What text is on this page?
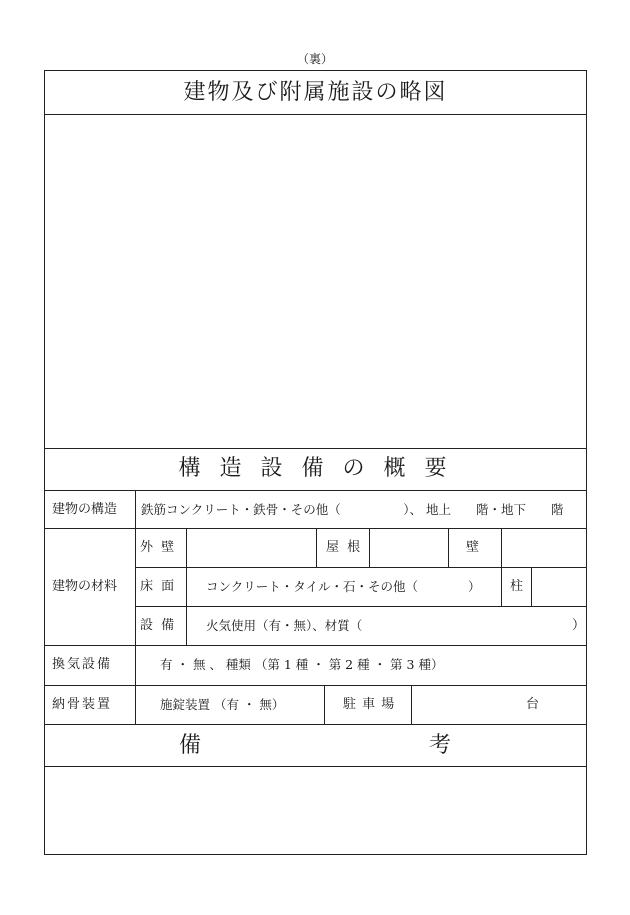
（裏）
建物及び附属施設の略図
構 造 設 備 の 概 要
建物の構造 鉄筋コンクリート・鉄骨・その他（　　　　　）、 地上　　階・地下　　階
建物の材料
外 壁	屋 根	壁
床 面 コンクリート・タイル・石・その他（　　　　） 柱
設 備 火気使用（有・無）、材質（	）
換気設備	有 ・ 無 、 種類 （第 1 種 ・ 第 2 種 ・ 第 3 種）
納骨装置	施錠装置 （有 ・ 無）	駐 車 場	台
備	考
